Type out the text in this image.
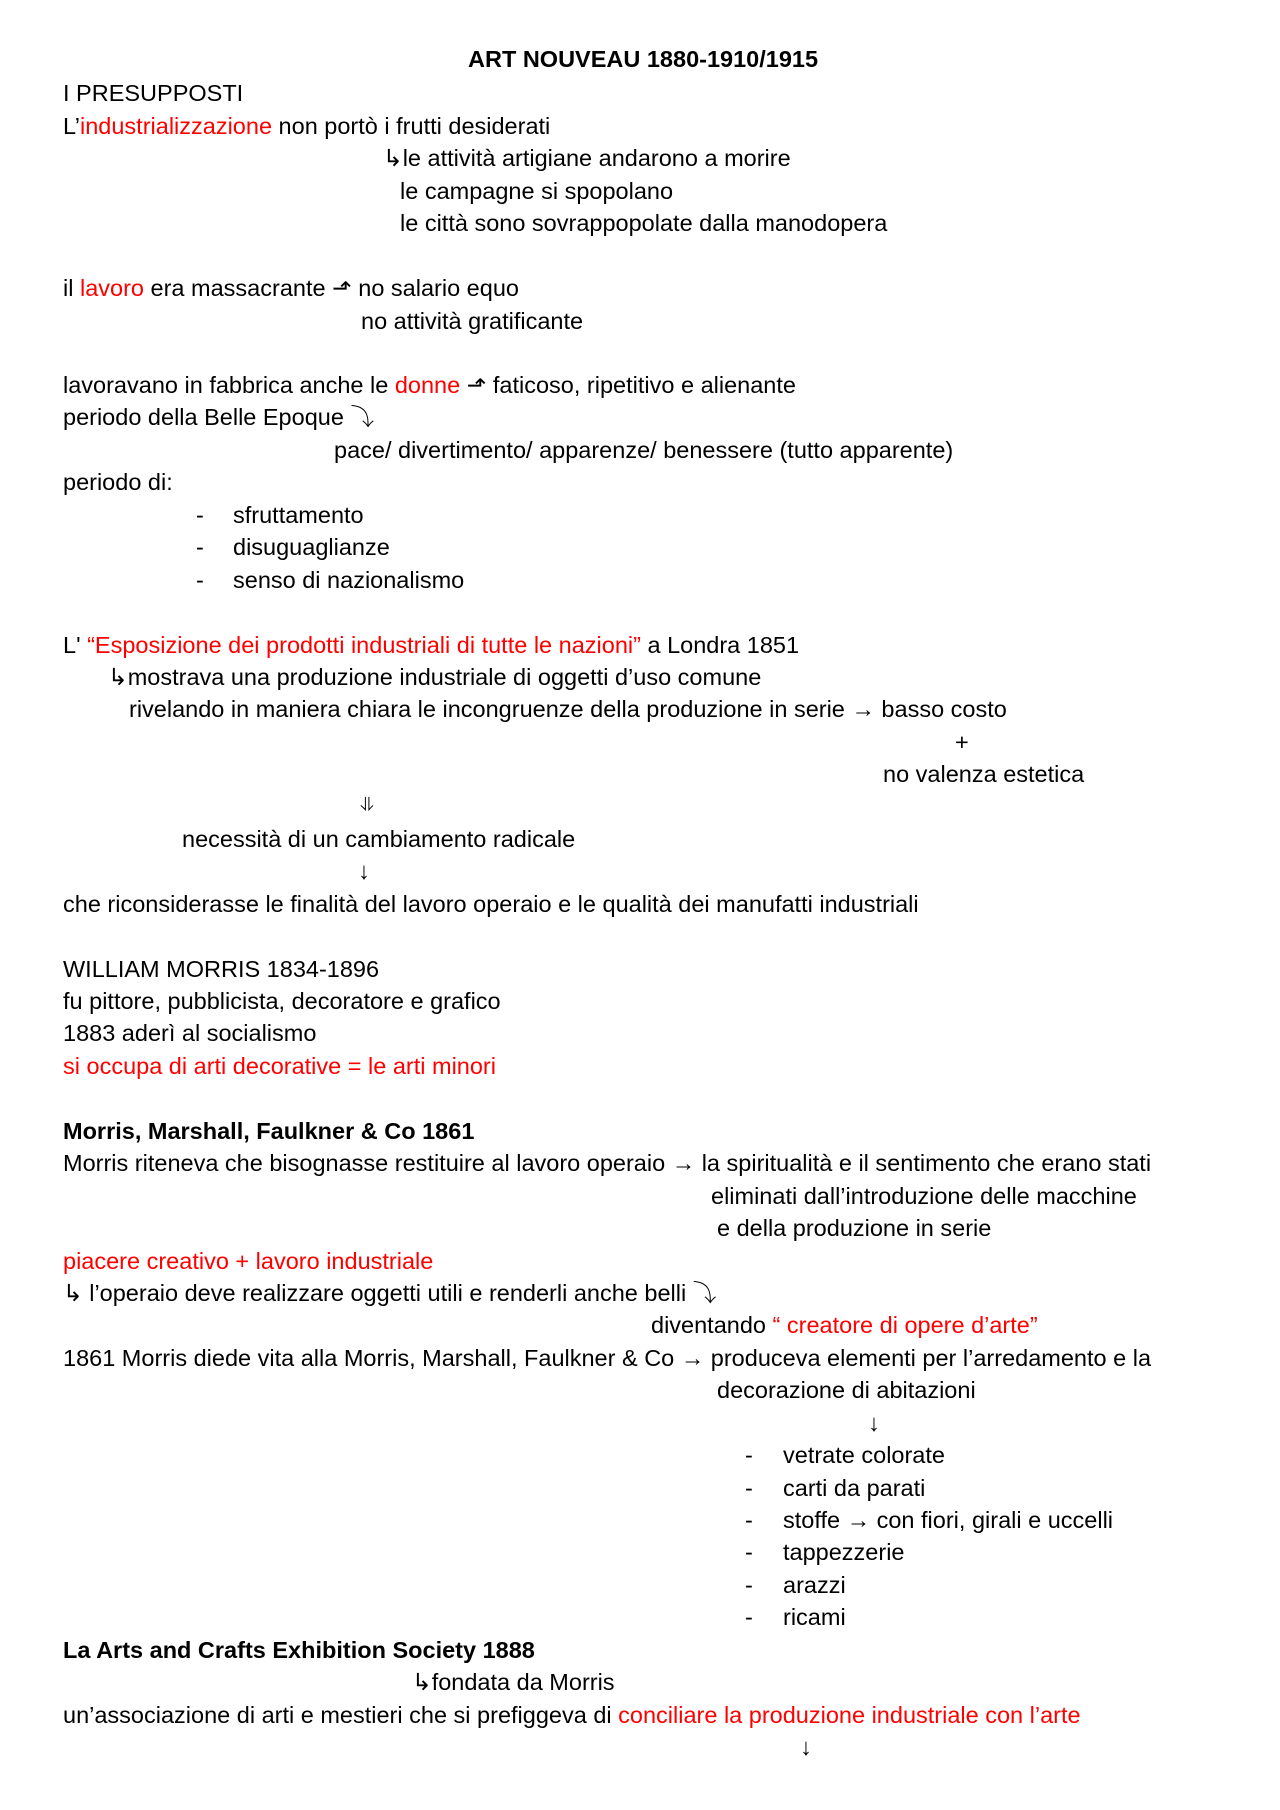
ART NOUVEAU 1880-1910/1915
I PRESUPPOSTI
L’industrializzazione non portò i frutti desiderati
↳le attività artigiane andarono a morire
le campagne si spopolano
le città sono sovrappopolate dalla manodopera
il lavoro era massacrante ⬏ no salario equo
no attività gratificante
lavoravano in fabbrica anche le donne ⬏ faticoso, ripetitivo e alienante
periodo della Belle Epoque ⤵
pace/ divertimento/ apparenze/ benessere (tutto apparente)
periodo di:
- sfruttamento
- disuguaglianze
- senso di nazionalismo
L' “Esposizione dei prodotti industriali di tutte le nazioni” a Londra 1851
↳mostrava una produzione industriale di oggetti d’uso comune
rivelando in maniera chiara le incongruenze della produzione in serie → basso costo
+
no valenza estetica
⥥
necessità di un cambiamento radicale
↓
che riconsiderasse le finalità del lavoro operaio e le qualità dei manufatti industriali
WILLIAM MORRIS 1834-1896
fu pittore, pubblicista, decoratore e grafico
1883 aderì al socialismo
si occupa di arti decorative = le arti minori
Morris, Marshall, Faulkner & Co 1861
Morris riteneva che bisognasse restituire al lavoro operaio → la spiritualità e il sentimento che erano stati
eliminati dall’introduzione delle macchine
e della produzione in serie
piacere creativo + lavoro industriale
↳ l’operaio deve realizzare oggetti utili e renderli anche belli ⤵
diventando “ creatore di opere d’arte”
1861 Morris diede vita alla Morris, Marshall, Faulkner & Co → produceva elementi per l’arredamento e la
decorazione di abitazioni
↓
- vetrate colorate
- carti da parati
- stoffe → con fiori, girali e uccelli
- tappezzerie
- arazzi
- ricami
La Arts and Crafts Exhibition Society 1888
↳fondata da Morris
un’associazione di arti e mestieri che si prefiggeva di conciliare la produzione industriale con l’arte
↓
